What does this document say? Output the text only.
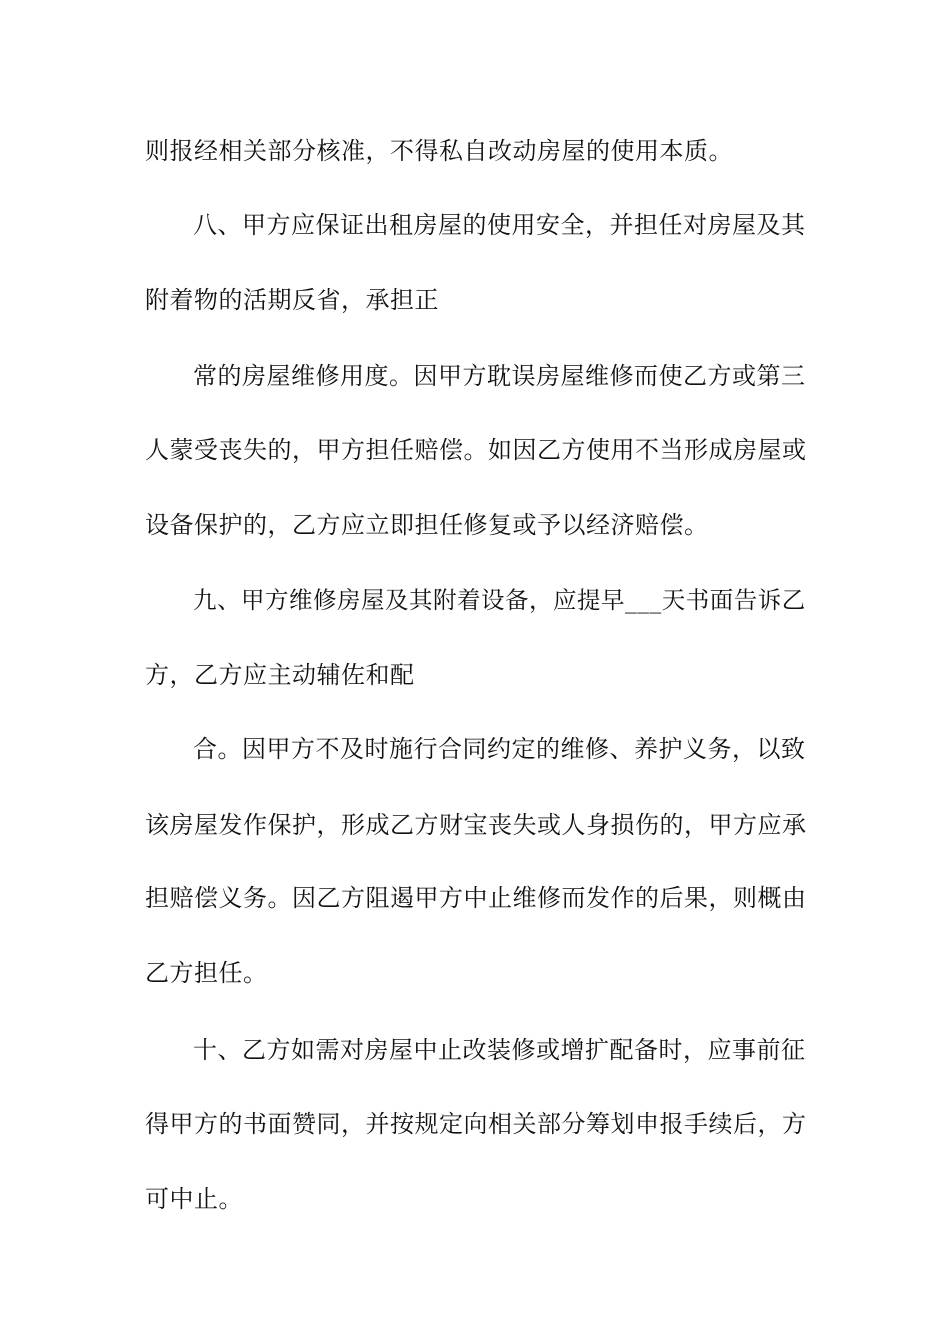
则报经相关部分核准，不得私自改动房屋的使用本质。

八、甲方应保证出租房屋的使用安全，并担任对房屋及其

附着物的活期反省，承担正

常的房屋维修用度。因甲方耽误房屋维修而使乙方或第三

人蒙受丧失的，甲方担任赔偿。如因乙方使用不当形成房屋或

设备保护的，乙方应立即担任修复或予以经济赔偿。

九、甲方维修房屋及其附着设备，应提早___天书面告诉乙

方，乙方应主动辅佐和配

合。因甲方不及时施行合同约定的维修、养护义务，以致

该房屋发作保护，形成乙方财宝丧失或人身损伤的，甲方应承

担赔偿义务。因乙方阻遏甲方中止维修而发作的后果，则概由

乙方担任。

十、乙方如需对房屋中止改装修或增扩配备时，应事前征

得甲方的书面赞同，并按规定向相关部分筹划申报手续后，方

可中止。
